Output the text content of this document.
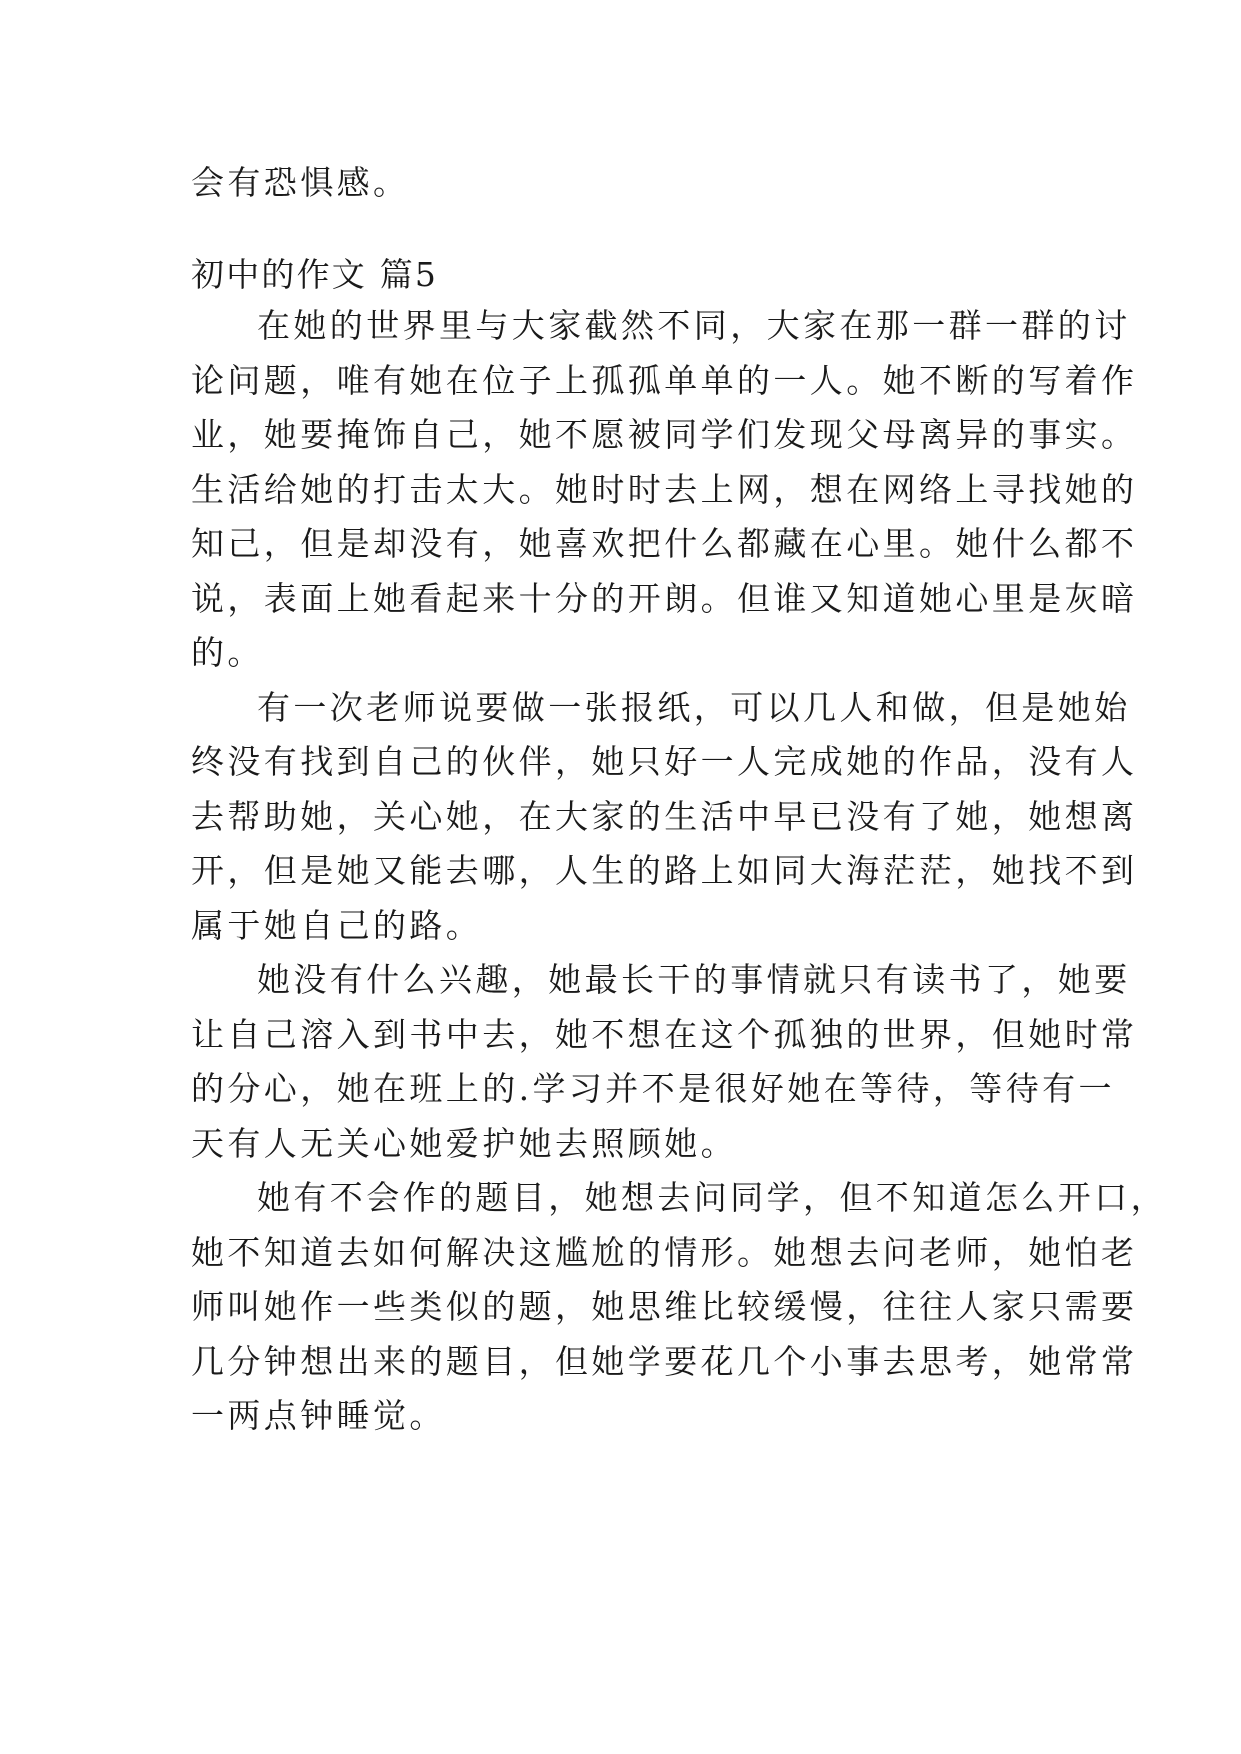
会有恐惧感。
初中的作文 篇5
在她的世界里与大家截然不同，大家在那一群一群的讨
论问题，唯有她在位子上孤孤单单的一人。她不断的写着作
业，她要掩饰自己，她不愿被同学们发现父母离异的事实。
生活给她的打击太大。她时时去上网，想在网络上寻找她的
知己，但是却没有，她喜欢把什么都藏在心里。她什么都不
说，表面上她看起来十分的开朗。但谁又知道她心里是灰暗
的。
有一次老师说要做一张报纸，可以几人和做，但是她始
终没有找到自己的伙伴，她只好一人完成她的作品，没有人
去帮助她，关心她，在大家的生活中早已没有了她，她想离
开，但是她又能去哪，人生的路上如同大海茫茫，她找不到
属于她自己的路。
她没有什么兴趣，她最长干的事情就只有读书了，她要
让自己溶入到书中去，她不想在这个孤独的世界，但她时常
的分心，她在班上的.学习并不是很好她在等待，等待有一
天有人无关心她爱护她去照顾她。
她有不会作的题目，她想去问同学，但不知道怎么开口，
她不知道去如何解决这尴尬的情形。她想去问老师，她怕老
师叫她作一些类似的题，她思维比较缓慢，往往人家只需要
几分钟想出来的题目，但她学要花几个小事去思考，她常常
一两点钟睡觉。
